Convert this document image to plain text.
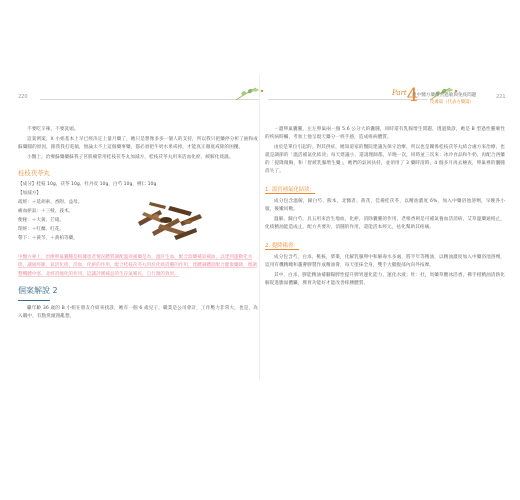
220	221
$^{Part}$4
用中醫方藥改善過敏與免疫問題
皮膚篇（代表方藥篇）

不要吃辛辣，不要洗頭。

這案例案，X 小姐基本上早已經決定上量月藥了，她只是想像多多一個人的支持，所以我只把藥停分析了抽和成蘇藥圓的原因，跟我我打電搞，無論太不上這個藥事藥，都必須把牛奶水果戒掉，才能真正徹底戒除的困擾。

小醫上，治療蘇藥藥蘇我子宮肌瘤常用桂枝茯苓丸加減方，桂枝茯苓丸用來活血化瘀，緩解化痰濕。

桂枝茯苓丸
【成分】桂枝 10g，茯苓 10g，牡丹皮 10g，白芍 10g，桃仁 10g
【加減方】
疏經：＋延胡索、香附、益母。
痛血瘀氣：＋三棱、莪术。
便秘：＋大黃、芒硝。
閉經：＋红蘭、红花。
帶下：＋黃芩，＋黃柏等藥。
中醫方專上，治療卵巢囊腫是根據患者情況體質調配溫效補藥是為，溫肝生血，配合陰藥補氣補血，以達到運動化水痰，讓通經脈，氣活化痰，活血，化瘀的作用，配合桂枝茯苓丸用於化痰消腫的作用，達體調體陰配合健康藥降，理調整機體中寒，北經消瘦化的作用，這讓評獲補益的生存氣補長，自行激的效果。
個案解說 2

籲年齡 36 歲的 B 小姐在朋友介紹來找診，她有一個 6 歲兒子，職業是公司會計，工作壓力非常大，也是，為入職中，有點愛頭頸亂想。

一邊卵巢囊腫，左左卵巢兩一個 5.6 公分大的囊腫，同時還有乳腺增生問題，透過徵診，她是 B 型過性腫瘤性的疾病時觸，考加上他呈現天藥分一經手感，造成疼病體質。

由於是單位引起的，對其供症，她知道家的醫院建議先保守治療，所以也是關係桂枝茯苓丸結合處方來治療，也就是調節的「溫活補氣化結淡」每天建議小，還請理師都，早晚一次，同時並三次來：冰冷食品和牛奶，再配合西藥的「提降微胸，和「舒緩乳腺增生藥」，她們的氣回扶持，並須用了 3 藥時清時，4 個多月再去檢查，卵巢裡的囊腫消失了。

1. 溫宮補氣化結淡：

成分包含溫解，歸白芍、熊本，北醫者、黃芪，佳備桂茯苓，以精油濃度 6%，加入中藥浴池溶劑，早晚各小服，後嫩同敷。

溫解，歸白芍，具五用來治生地血，化瘀，消除囊腫的作用，老根香則是可補氣養血活消病，艾草溫藥通絡止，化痰精油能造成止，配方共要功，消腫的作用，還能活本經元，祛化幫助其疼痛。

2. 提降陽脅：

成分包含芍，白朮，桃核，柴棗，化解乳腺卵中和解毒水多處，將半年等精油，以精油濃度加入中藥浴池溶劑，這用有機精瞰和蘆薈膠製作成精油膏，每天塗抹全身，雙手大腿腹部內向外按摩。

其中，白朮，膠能精油補腳陽脾性提升脾胃運化能力，運化水液；牡：杜，馬藥草酸冰活香，佛手柑精油清熱化解促進膽溢體臟，脾胃功能好才能改善疼腰體質。
